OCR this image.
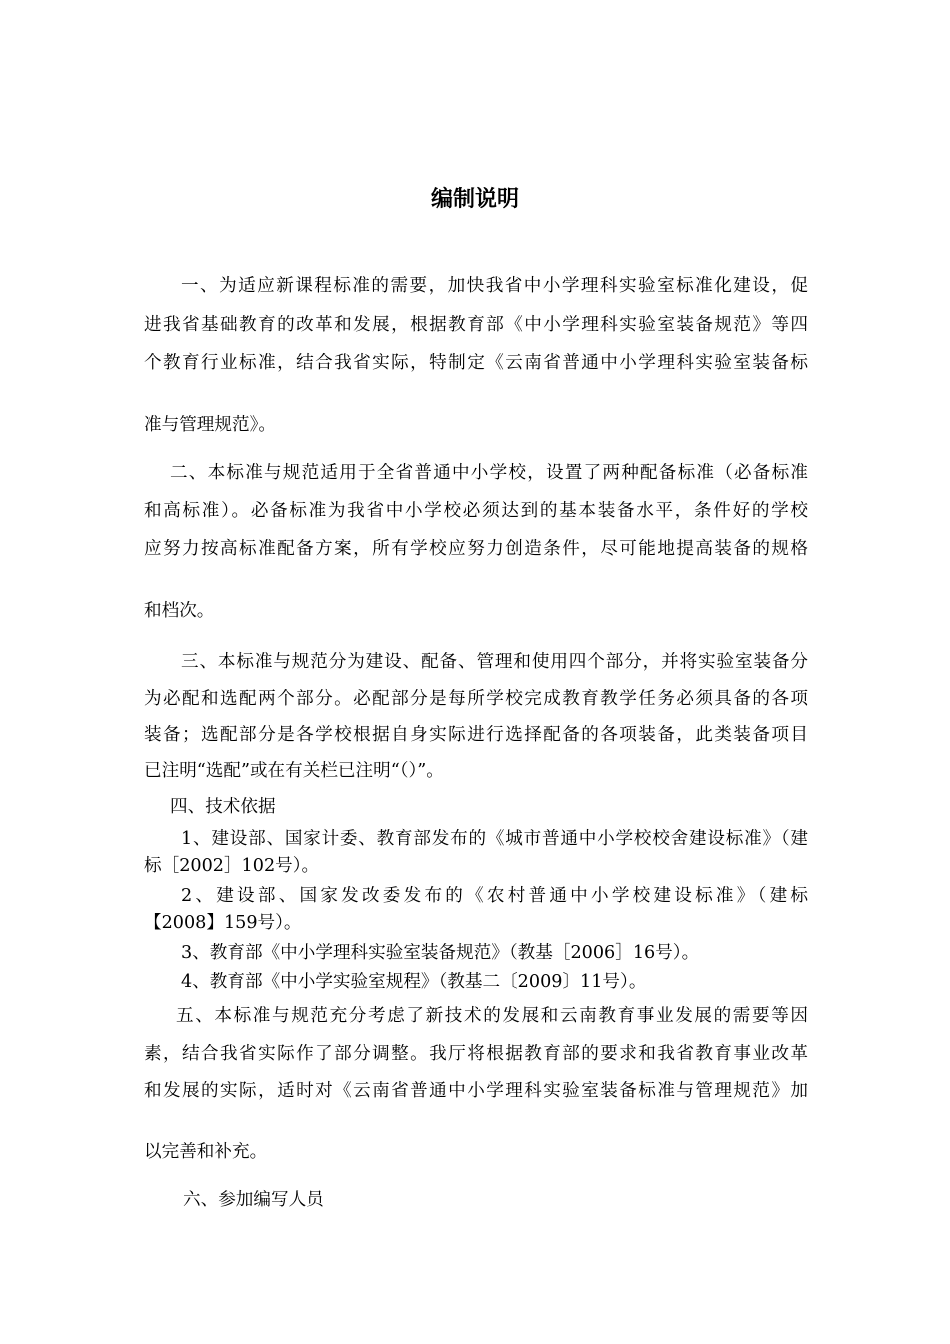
编制说明
一、为适应新课程标准的需要，加快我省中小学理科实验室标准化建设，促
进我省基础教育的改革和发展，根据教育部《中小学理科实验室装备规范》等四
个教育行业标准，结合我省实际，特制定《云南省普通中小学理科实验室装备标
准与管理规范》。
二、本标准与规范适用于全省普通中小学校，设置了两种配备标准（必备标准
和高标准）。必备标准为我省中小学校必须达到的基本装备水平，条件好的学校
应努力按高标准配备方案，所有学校应努力创造条件，尽可能地提高装备的规格
和档次。
三、本标准与规范分为建设、配备、管理和使用四个部分，并将实验室装备分
为必配和选配两个部分。必配部分是每所学校完成教育教学任务必须具备的各项
装备；选配部分是各学校根据自身实际进行选择配备的各项装备，此类装备项目
已注明“选配”或在有关栏已注明“（）”。
四、技术依据
1、建设部、国家计委、教育部发布的《城市普通中小学校校舍建设标准》（建
标［2002］102号）。
2、建设部、国家发改委发布的《农村普通中小学校建设标准》（建标
【2008】159号）。
3、教育部《中小学理科实验室装备规范》（教基［2006］16号）。
4、教育部《中小学实验室规程》（教基二〔2009〕11号）。
五、本标准与规范充分考虑了新技术的发展和云南教育事业发展的需要等因
素，结合我省实际作了部分调整。我厅将根据教育部的要求和我省教育事业改革
和发展的实际，适时对《云南省普通中小学理科实验室装备标准与管理规范》加
以完善和补充。
六、参加编写人员
